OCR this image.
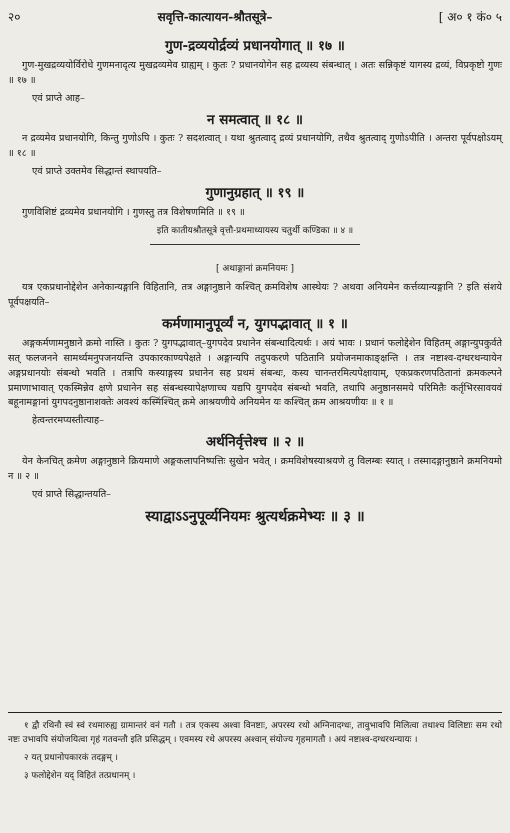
२०	सवृत्ति-कात्यायन-श्रौतसूत्रे–	[ अ० १ कं० ५
गुण-द्रव्ययोर्द्रव्यं प्रधानयोगात् ॥ १७ ॥

गुण-मुखद्रव्ययोर्विरोधे गुणमनादृत्य मुखद्रव्यमेव ग्राह्यम् । कुतः ? प्रधानयोगेन सह द्रव्यस्य संबन्धात् । अतः सन्निकृष्टं यागस्य द्रव्यं, विप्रकृष्टो गुणः ॥ १७ ॥

एवं प्राप्ते आह–

न समत्वात् ॥ १८ ॥

न द्रव्यमेव प्रधानयोगि, किन्तु गुणोऽपि । कुतः ? सदशत्वात् । यथा श्रुतत्वाद् द्रव्यं प्रधानयोगि, तथैव श्रुतत्वाद् गुणोऽपीति । अन्तरा पूर्वपक्षोऽयम् ॥ १८ ॥

एवं प्राप्ते उक्तमेव सिद्धान्तं स्थापयति–

गुणानुग्रहात् ॥ १९ ॥

गुणविशिष्टं द्रव्यमेव प्रधानयोगि । गुणस्तु तत्र विशेषणमिति ॥ १९ ॥

इति कातीयश्रौतसूत्रे वृत्तौ-प्रथमाध्यायस्य चतुर्थी कण्डिका ॥ ४ ॥
[ अथाङ्गानां क्रमनियमः ]

यत्र एकप्रधानोद्देशेन अनेकान्यङ्गानि विहितानि, तत्र अङ्गानुष्ठाने कश्चित् क्रमविशेष आस्थेयः ? अथवा अनियमेन कर्त्तव्यान्यङ्गानि ? इति संशये पूर्वपक्षयति–

कर्मणामानुपूर्व्यं न, युगपद्भावात् ॥ १ ॥

अङ्गकर्मणामनुष्ठाने क्रमो नास्ति । कुतः ? युगपद्भावात्–युगपदेव प्रधानेन संबन्धादित्यर्थः । अयं भावः । प्रधानं फलोद्देशेन विहितम् अङ्गान्युपकुर्वते सत् फलजनने सामर्थ्यमनुपजनयन्ति उपकारकाण्यपेक्षते । अङ्गान्यपि तदुपकरणे पठितानि प्रयोजनमाकाङ्क्षन्ति । तत्र नष्टाश्व-दग्धरथन्यायेन अङ्गप्रधानयोः संबन्धो भवति । तत्रापि कस्याङ्गस्य प्रधानेन सह प्रथमं संबन्धः, कस्य चानन्तरमित्यपेक्षायाम्, एकप्रकरणपठितानां क्रमकल्पने प्रमाणाभावात् एकस्मिन्नेव क्षणे प्रधानेन सह संबन्धस्यापेक्षणाच्च यद्यपि युगपदेव संबन्धो भवति, तथापि अनुष्ठानसमये परिमितैः कर्तृभिरसावयवं बहूनामङ्गानां युगपदनुष्ठानाशक्तेः अवश्यं कस्मिंश्चित् क्रमे आश्रयणीये अनियमेन यः कश्चित् क्रम आश्रयणीयः ॥ १ ॥

हेत्वन्तरमप्यस्तीत्याह–

अर्थनिर्वृत्तेश्च ॥ २ ॥

येन केनचित् क्रमेण अङ्गानुष्ठाने क्रियमाणे अङ्गकलापनिष्पत्तिः सुखेन भवेत् । क्रमविशेषस्याश्रयणे तु विलम्बः स्यात् । तस्मादङ्गानुष्ठाने क्रमनियमो न ॥ २ ॥

एवं प्राप्ते सिद्धान्तयति–

स्याद्वाऽऽनुपूर्व्यनियमः श्रुत्यर्थक्रमेभ्यः ॥ ३ ॥

१ द्वौ रथिनौ स्वं स्वं रथमारुह्य ग्रामान्तरं वनं गतौ । तत्र एकस्य अश्वा विनष्टाः, अपरस्य रथो अग्निनादग्धः, तावुभावपि मिलित्वा तथाश्च विलिष्टाः सम रथो नष्टः उभावपि संयोजयित्वा गृहं गतवन्तौ इति प्रसिद्धम् । एवमस्य रथे अपरस्य अश्वान् संयोज्य गृहमागतौ । अयं नष्टाश्व-दग्धरथन्यायः ।

२ यत् प्रधानोपकारकं तदङ्गम् ।

३ फलोद्देशेन यद् विहितं तत्प्रधानम् ।
